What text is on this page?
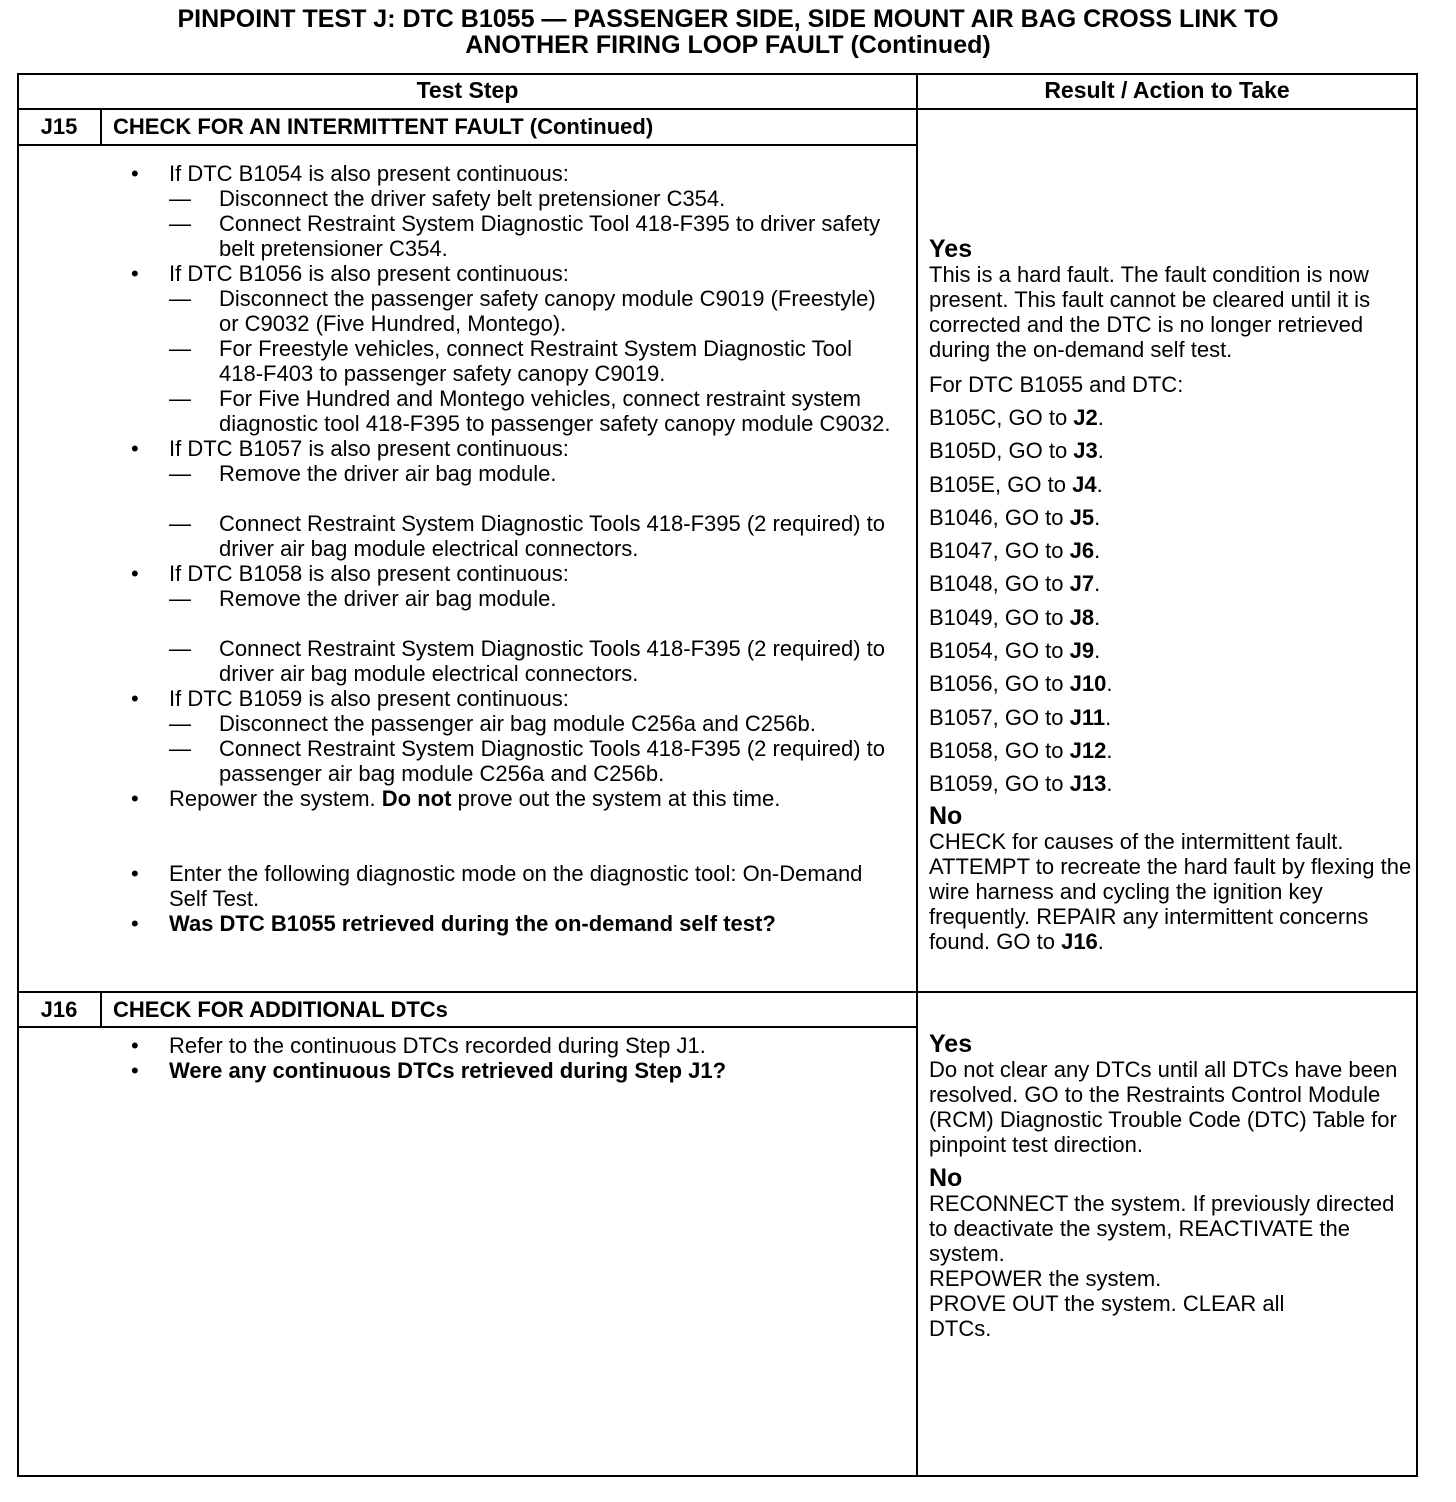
PINPOINT TEST J: DTC B1055 — PASSENGER SIDE, SIDE MOUNT AIR BAG CROSS LINK TO
ANOTHER FIRING LOOP FAULT (Continued)
Test Step	Result / Action to Take
J15	CHECK FOR AN INTERMITTENT FAULT (Continued)
• If DTC B1054 is also present continuous:
— Disconnect the driver safety belt pretensioner C354.
— Connect Restraint System Diagnostic Tool 418-F395 to driver safety belt pretensioner C354.
• If DTC B1056 is also present continuous:
— Disconnect the passenger safety canopy module C9019 (Freestyle) or C9032 (Five Hundred, Montego).
— For Freestyle vehicles, connect Restraint System Diagnostic Tool 418-F403 to passenger safety canopy C9019.
— For Five Hundred and Montego vehicles, connect restraint system diagnostic tool 418-F395 to passenger safety canopy module C9032.
• If DTC B1057 is also present continuous:
— Remove the driver air bag module.
— Connect Restraint System Diagnostic Tools 418-F395 (2 required) to driver air bag module electrical connectors.
• If DTC B1058 is also present continuous:
— Remove the driver air bag module.
— Connect Restraint System Diagnostic Tools 418-F395 (2 required) to driver air bag module electrical connectors.
• If DTC B1059 is also present continuous:
— Disconnect the passenger air bag module C256a and C256b.
— Connect Restraint System Diagnostic Tools 418-F395 (2 required) to passenger air bag module C256a and C256b.
• Repower the system. Do not prove out the system at this time.
• Enter the following diagnostic mode on the diagnostic tool: On-Demand Self Test.
• Was DTC B1055 retrieved during the on-demand self test?
Yes

This is a hard fault. The fault condition is now present. This fault cannot be cleared until it is corrected and the DTC is no longer retrieved during the on-demand self test.

For DTC B1055 and DTC:

B105C, GO to J2.
B105D, GO to J3.
B105E, GO to J4.
B1046, GO to J5.
B1047, GO to J6.
B1048, GO to J7.
B1049, GO to J8.
B1054, GO to J9.
B1056, GO to J10.
B1057, GO to J11.
B1058, GO to J12.
B1059, GO to J13.
No

CHECK for causes of the intermittent fault. ATTEMPT to recreate the hard fault by flexing the wire harness and cycling the ignition key frequently. REPAIR any intermittent concerns found. GO to J16.

J16	CHECK FOR ADDITIONAL DTCs
• Refer to the continuous DTCs recorded during Step J1.
• Were any continuous DTCs retrieved during Step J1?
Yes

Do not clear any DTCs until all DTCs have been resolved. GO to the Restraints Control Module (RCM) Diagnostic Trouble Code (DTC) Table for pinpoint test direction.

No

RECONNECT the system. If previously directed to deactivate the system, REACTIVATE the system.

REPOWER the system.

PROVE OUT the system. CLEAR all DTCs.
